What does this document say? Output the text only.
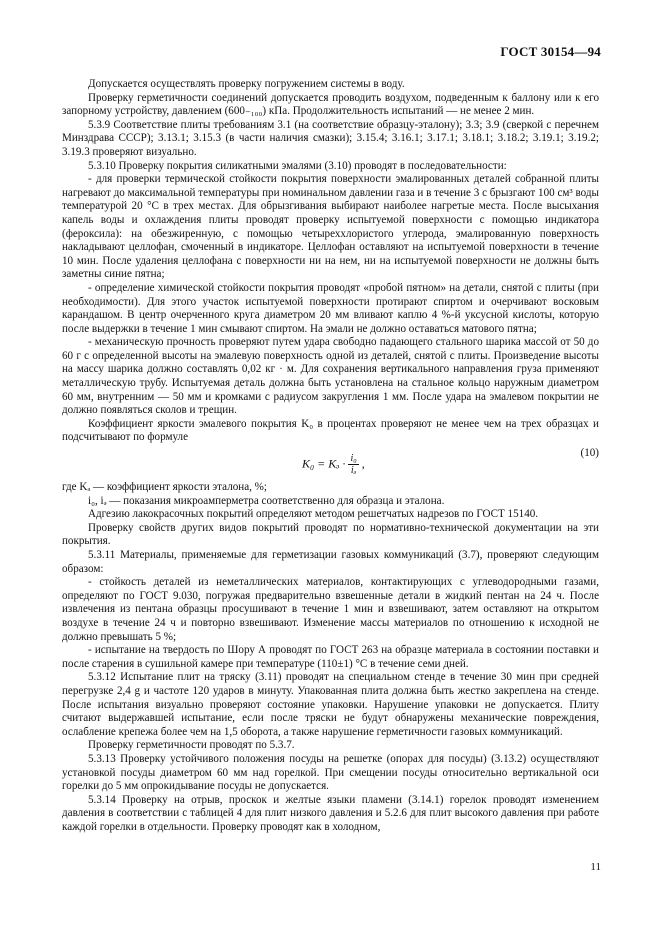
ГОСТ 30154—94

Допускается осуществлять проверку погружением системы в воду.

Проверку герметичности соединений допускается проводить воздухом, подведенным к баллону или к его запорному устройству, давлением (600₋₁₀₀) кПа. Продолжительность испытаний — не менее 2 мин.

5.3.9 Соответствие плиты требованиям 3.1 (на соответствие образцу-эталону); 3.3; 3.9 (сверкой с перечнем Минздрава СССР); 3.13.1; 3.15.3 (в части наличия смазки); 3.15.4; 3.16.1; 3.17.1; 3.18.1; 3.18.2; 3.19.1; 3.19.2; 3.19.3 проверяют визуально.

5.3.10 Проверку покрытия силикатными эмалями (3.10) проводят в последовательности:

- для проверки термической стойкости покрытия поверхности эмалированных деталей собранной плиты нагревают до максимальной температуры при номинальном давлении газа и в течение 3 с брызгают 100 см³ воды температурой 20 °С в трех местах. Для обрызгивания выбирают наиболее нагретые места. После высыхания капель воды и охлаждения плиты проводят проверку испытуемой поверхности с помощью индикатора (фероксила): на обезжиренную, с помощью четыреххлористого углерода, эмалированную поверхность накладывают целлофан, смоченный в индикаторе. Целлофан оставляют на испытуемой поверхности в течение 10 мин. После удаления целлофана с поверхности ни на нем, ни на испытуемой поверхности не должны быть заметны синие пятна;

- определение химической стойкости покрытия проводят «пробой пятном» на детали, снятой с плиты (при необходимости). Для этого участок испытуемой поверхности протирают спиртом и очерчивают восковым карандашом. В центр очерченного круга диаметром 20 мм вливают каплю 4 %-й уксусной кислоты, которую после выдержки в течение 1 мин смывают спиртом. На эмали не должно оставаться матового пятна;

- механическую прочность проверяют путем удара свободно падающего стального шарика массой от 50 до 60 г с определенной высоты на эмалевую поверхность одной из деталей, снятой с плиты. Произведение высоты на массу шарика должно составлять 0,02 кг · м. Для сохранения вертикального направления груза применяют металлическую трубу. Испытуемая деталь должна быть установлена на стальное кольцо наружным диаметром 60 мм, внутренним — 50 мм и кромками с радиусом закругления 1 мм. После удара на эмалевом покрытии не должно появляться сколов и трещин.

Коэффициент яркости эмалевого покрытия K₀ в процентах проверяют не менее чем на трех образцах и подсчитывают по формуле

K₀ = Kₔ · $\frac{\text{i₀}}{\text{iₔ}}$ ,
(10)

где Kₔ — коэффициент яркости эталона, %;

i₀, iₔ — показания микроамперметра соответственно для образца и эталона.

Адгезию лакокрасочных покрытий определяют методом решетчатых надрезов по ГОСТ 15140.

Проверку свойств других видов покрытий проводят по нормативно-технической документации на эти покрытия.

5.3.11 Материалы, применяемые для герметизации газовых коммуникаций (3.7), проверяют следующим образом:

- стойкость деталей из неметаллических материалов, контактирующих с углеводородными газами, определяют по ГОСТ 9.030, погружая предварительно взвешенные детали в жидкий пентан на 24 ч. После извлечения из пентана образцы просушивают в течение 1 мин и взвешивают, затем оставляют на открытом воздухе в течение 24 ч и повторно взвешивают. Изменение массы материалов по отношению к исходной не должно превышать 5 %;

- испытание на твердость по Шору А проводят по ГОСТ 263 на образце материала в состоянии поставки и после старения в сушильной камере при температуре (110±1) °С в течение семи дней.

5.3.12 Испытание плит на тряску (3.11) проводят на специальном стенде в течение 30 мин при средней перегрузке 2,4 g и частоте 120 ударов в минуту. Упакованная плита должна быть жестко закреплена на стенде. После испытания визуально проверяют состояние упаковки. Нарушение упаковки не допускается. Плиту считают выдержавшей испытание, если после тряски не будут обнаружены механические повреждения, ослабление крепежа более чем на 1,5 оборота, а также нарушение герметичности газовых коммуникаций.

Проверку герметичности проводят по 5.3.7.

5.3.13 Проверку устойчивого положения посуды на решетке (опорах для посуды) (3.13.2) осуществляют установкой посуды диаметром 60 мм над горелкой. При смещении посуды относительно вертикальной оси горелки до 5 мм опрокидывание посуды не допускается.

5.3.14 Проверку на отрыв, проскок и желтые языки пламени (3.14.1) горелок проводят изменением давления в соответствии с таблицей 4 для плит низкого давления и 5.2.6 для плит высокого давления при работе каждой горелки в отдельности. Проверку проводят как в холодном,

11
